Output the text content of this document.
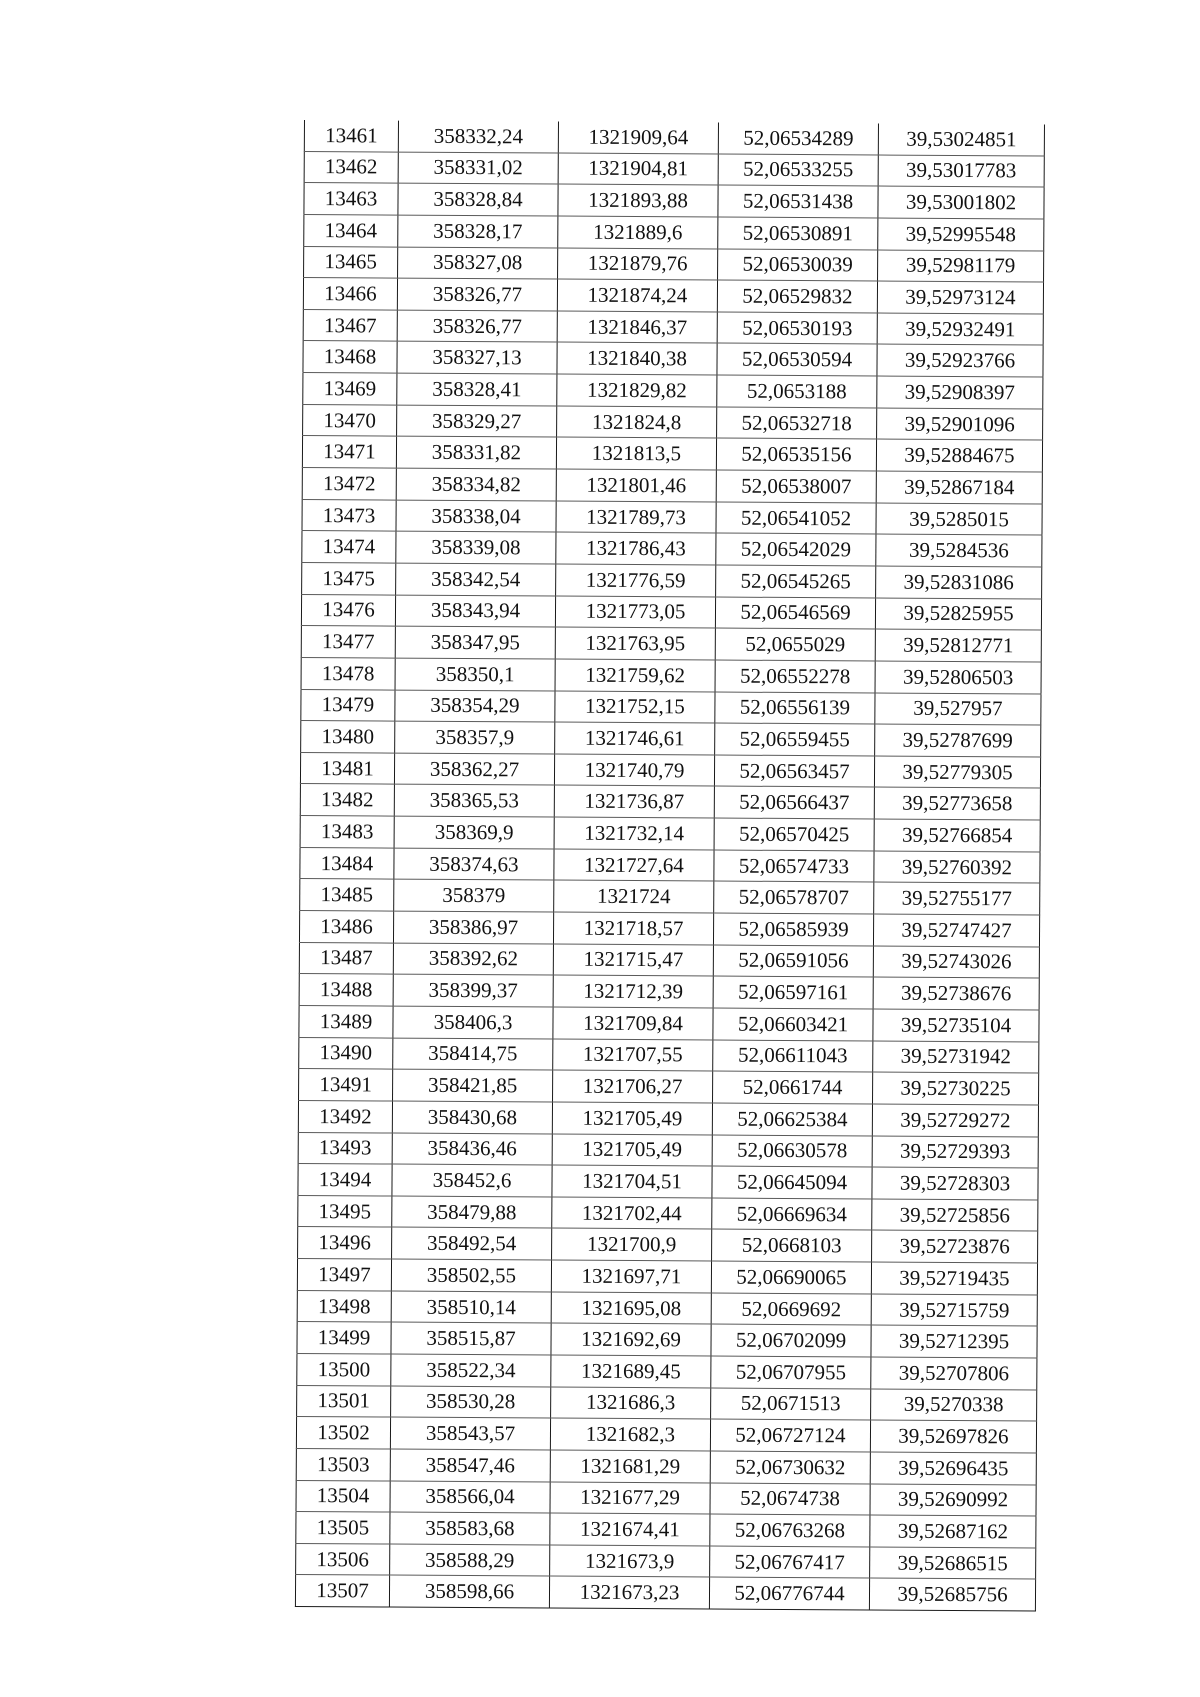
13461	358332,24	1321909,64	52,06534289	39,53024851
13462	358331,02	1321904,81	52,06533255	39,53017783
13463	358328,84	1321893,88	52,06531438	39,53001802
13464	358328,17	1321889,6	52,06530891	39,52995548
13465	358327,08	1321879,76	52,06530039	39,52981179
13466	358326,77	1321874,24	52,06529832	39,52973124
13467	358326,77	1321846,37	52,06530193	39,52932491
13468	358327,13	1321840,38	52,06530594	39,52923766
13469	358328,41	1321829,82	52,0653188	39,52908397
13470	358329,27	1321824,8	52,06532718	39,52901096
13471	358331,82	1321813,5	52,06535156	39,52884675
13472	358334,82	1321801,46	52,06538007	39,52867184
13473	358338,04	1321789,73	52,06541052	39,5285015
13474	358339,08	1321786,43	52,06542029	39,5284536
13475	358342,54	1321776,59	52,06545265	39,52831086
13476	358343,94	1321773,05	52,06546569	39,52825955
13477	358347,95	1321763,95	52,0655029	39,52812771
13478	358350,1	1321759,62	52,06552278	39,52806503
13479	358354,29	1321752,15	52,06556139	39,527957
13480	358357,9	1321746,61	52,06559455	39,52787699
13481	358362,27	1321740,79	52,06563457	39,52779305
13482	358365,53	1321736,87	52,06566437	39,52773658
13483	358369,9	1321732,14	52,06570425	39,52766854
13484	358374,63	1321727,64	52,06574733	39,52760392
13485	358379	1321724	52,06578707	39,52755177
13486	358386,97	1321718,57	52,06585939	39,52747427
13487	358392,62	1321715,47	52,06591056	39,52743026
13488	358399,37	1321712,39	52,06597161	39,52738676
13489	358406,3	1321709,84	52,06603421	39,52735104
13490	358414,75	1321707,55	52,06611043	39,52731942
13491	358421,85	1321706,27	52,0661744	39,52730225
13492	358430,68	1321705,49	52,06625384	39,52729272
13493	358436,46	1321705,49	52,06630578	39,52729393
13494	358452,6	1321704,51	52,06645094	39,52728303
13495	358479,88	1321702,44	52,06669634	39,52725856
13496	358492,54	1321700,9	52,0668103	39,52723876
13497	358502,55	1321697,71	52,06690065	39,52719435
13498	358510,14	1321695,08	52,0669692	39,52715759
13499	358515,87	1321692,69	52,06702099	39,52712395
13500	358522,34	1321689,45	52,06707955	39,52707806
13501	358530,28	1321686,3	52,0671513	39,5270338
13502	358543,57	1321682,3	52,06727124	39,52697826
13503	358547,46	1321681,29	52,06730632	39,52696435
13504	358566,04	1321677,29	52,0674738	39,52690992
13505	358583,68	1321674,41	52,06763268	39,52687162
13506	358588,29	1321673,9	52,06767417	39,52686515
13507	358598,66	1321673,23	52,06776744	39,52685756
